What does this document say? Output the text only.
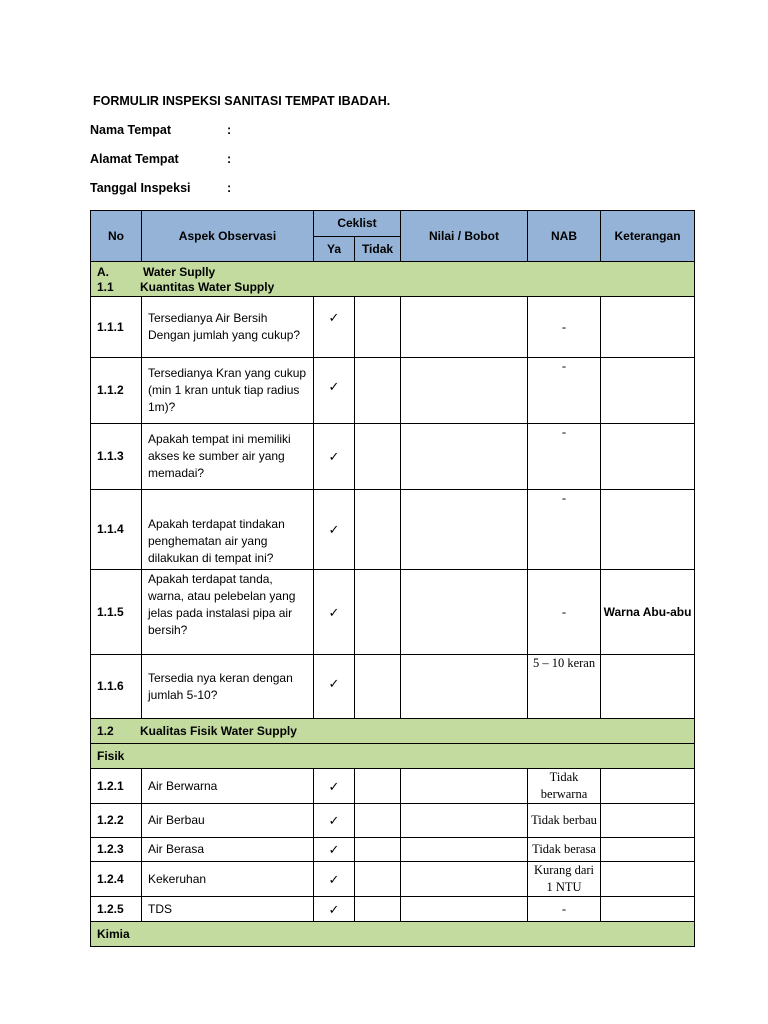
FORMULIR INSPEKSI SANITASI TEMPAT IBADAH.
Nama Tempat	:
Alamat Tempat	:
Tanggal Inspeksi	:
No	Aspek Observasi	Ceklist		Nilai / Bobot	NAB	Keterangan
		Ya	Tidak			
A. Water Suplly
1.1 Kuantitas Water Supply						
1.1.1	Tersedianya Air Bersih Dengan jumlah yang cukup?	✓			-	
1.1.2	Tersedianya Kran yang cukup (min 1 kran untuk tiap radius 1m)?	✓			-	
1.1.3	Apakah tempat ini memiliki akses ke sumber air yang memadai?	✓			-	
1.1.4	Apakah terdapat tindakan penghematan air yang dilakukan di tempat ini?	✓			-	
1.1.5	Apakah terdapat tanda, warna, atau pelebelan yang jelas pada instalasi pipa air bersih?	✓			-	Warna Abu-abu
1.1.6	Tersedia nya keran dengan jumlah 5-10?	✓			5 – 10 keran	
1.2 Kualitas Fisik Water Supply						
Fisik						
1.2.1	Air Berwarna	✓			Tidak berwarna	
1.2.2	Air Berbau	✓			Tidak berbau	
1.2.3	Air Berasa	✓			Tidak berasa	
1.2.4	Kekeruhan	✓			Kurang dari 1 NTU	
1.2.5	TDS	✓			-	
Kimia						
